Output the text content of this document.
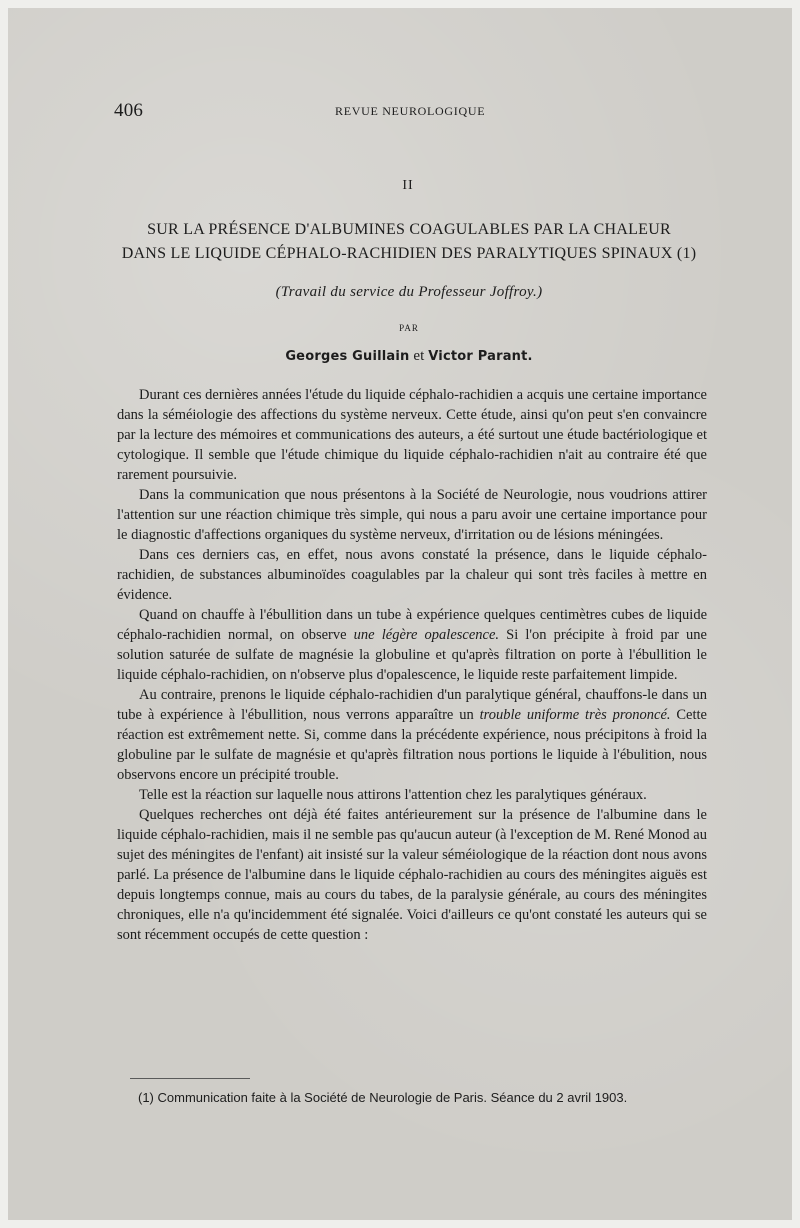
406	REVUE NEUROLOGIQUE
II
SUR LA PRÉSENCE D'ALBUMINES COAGULABLES PAR LA CHALEUR
DANS LE LIQUIDE CÉPHALO-RACHIDIEN DES PARALYTIQUES SPINAUX (1)
(Travail du service du Professeur Joffroy.)
PAR
Georges Guillain et Victor Parant.

Durant ces dernières années l'étude du liquide céphalo-rachidien a acquis une certaine importance dans la séméiologie des affections du système nerveux. Cette étude, ainsi qu'on peut s'en convaincre par la lecture des mémoires et communications des auteurs, a été surtout une étude bactériologique et cytologique. Il semble que l'étude chimique du liquide céphalo-rachidien n'ait au contraire été que rarement poursuivie.

Dans la communication que nous présentons à la Société de Neurologie, nous voudrions attirer l'attention sur une réaction chimique très simple, qui nous a paru avoir une certaine importance pour le diagnostic d'affections organiques du système nerveux, d'irritation ou de lésions méningées.

Dans ces derniers cas, en effet, nous avons constaté la présence, dans le liquide céphalo-rachidien, de substances albuminoïdes coagulables par la chaleur qui sont très faciles à mettre en évidence.

Quand on chauffe à l'ébullition dans un tube à expérience quelques centimètres cubes de liquide céphalo-rachidien normal, on observe une légère opalescence. Si l'on précipite à froid par une solution saturée de sulfate de magnésie la globuline et qu'après filtration on porte à l'ébullition le liquide céphalo-rachidien, on n'observe plus d'opalescence, le liquide reste parfaitement limpide.

Au contraire, prenons le liquide céphalo-rachidien d'un paralytique général, chauffons-le dans un tube à expérience à l'ébullition, nous verrons apparaître un trouble uniforme très prononcé. Cette réaction est extrêmement nette. Si, comme dans la précédente expérience, nous précipitons à froid la globuline par le sulfate de magnésie et qu'après filtration nous portions le liquide à l'ébulition, nous observons encore un précipité trouble.

Telle est la réaction sur laquelle nous attirons l'attention chez les paralytiques généraux.

Quelques recherches ont déjà été faites antérieurement sur la présence de l'albumine dans le liquide céphalo-rachidien, mais il ne semble pas qu'aucun auteur (à l'exception de M. René Monod au sujet des méningites de l'enfant) ait insisté sur la valeur séméiologique de la réaction dont nous avons parlé. La présence de l'albumine dans le liquide céphalo-rachidien au cours des méningites aiguës est depuis longtemps connue, mais au cours du tabes, de la paralysie générale, au cours des méningites chroniques, elle n'a qu'incidemment été signalée. Voici d'ailleurs ce qu'ont constaté les auteurs qui se sont récemment occupés de cette question :

(1) Communication faite à la Société de Neurologie de Paris. Séance du 2 avril 1903.
